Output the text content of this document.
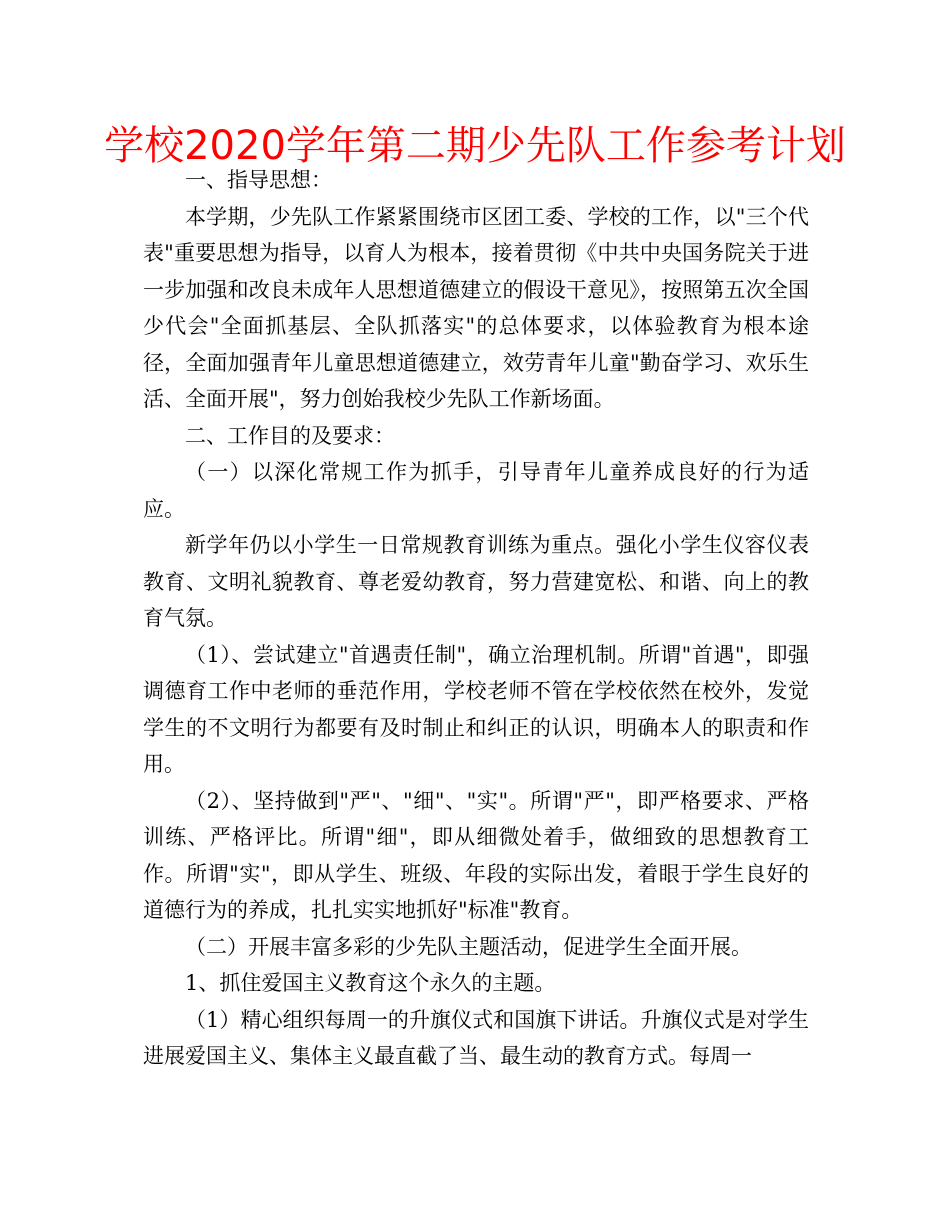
学校2020学年第二期少先队工作参考计划

一、指导思想：

本学期，少先队工作紧紧围绕市区团工委、学校的工作，以"三个代表"重要思想为指导，以育人为根本，接着贯彻《中共中央国务院关于进一步加强和改良未成年人思想道德建立的假设干意见》，按照第五次全国少代会"全面抓基层、全队抓落实"的总体要求，以体验教育为根本途径，全面加强青年儿童思想道德建立，效劳青年儿童"勤奋学习、欢乐生活、全面开展"，努力创始我校少先队工作新场面。

二、工作目的及要求：

（一）以深化常规工作为抓手，引导青年儿童养成良好的行为适应。

新学年仍以小学生一日常规教育训练为重点。强化小学生仪容仪表教育、文明礼貌教育、尊老爱幼教育，努力营建宽松、和谐、向上的教育气氛。

（1）、尝试建立"首遇责任制"，确立治理机制。所谓"首遇"，即强调德育工作中老师的垂范作用，学校老师不管在学校依然在校外，发觉学生的不文明行为都要有及时制止和纠正的认识，明确本人的职责和作用。

（2）、坚持做到"严"、"细"、"实"。所谓"严"，即严格要求、严格训练、严格评比。所谓"细"，即从细微处着手，做细致的思想教育工作。所谓"实"，即从学生、班级、年段的实际出发，着眼于学生良好的道德行为的养成，扎扎实实地抓好"标准"教育。

（二）开展丰富多彩的少先队主题活动，促进学生全面开展。

1、抓住爱国主义教育这个永久的主题。

（1）精心组织每周一的升旗仪式和国旗下讲话。升旗仪式是对学生进展爱国主义、集体主义最直截了当、最生动的教育方式。每周一
